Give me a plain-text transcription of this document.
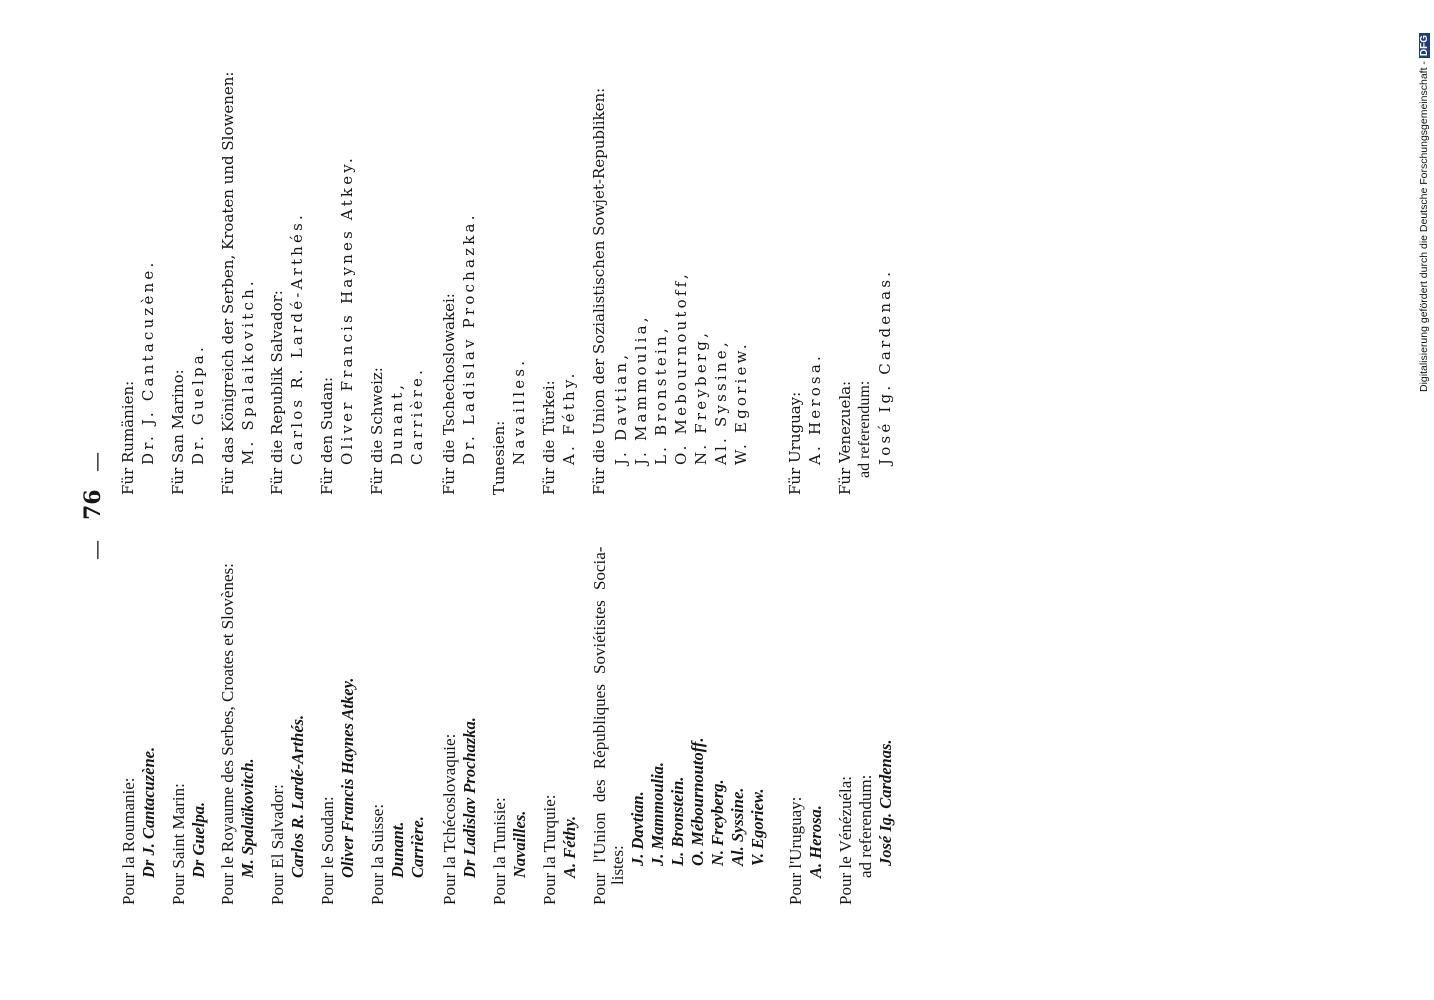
—
76
—
Pour la Roumanie: Dr J. Cantacuzène. Pour Saint Marin: Dr Guelpa. Pour le Royaume des Serbes, Croates et Slovènes: M. Spalaïkovitch. Pour El Salvador: Carlos R. Lardé-Arthés. Pour le Soudan: Oliver Francis Haynes Atkey. Pour la Suisse: Dunant. Carrière. Pour la Tchécoslovaquie: Dr Ladislav Prochazka. Pour la Tunisie: Navailles. Pour la Turquie: A. Féthy. Pour l'Union des Républiques Soviétistes Socia- listes: J. Davtian. J. Mammoulia. L. Bronstein. O. Mébournoutoff. N. Freyberg. Al. Syssine. V. Egoriew. Pour l'Uruguay: A. Herosa. Pour le Vénézuéla: ad referendum: José Ig. Cardenas.
Für Rumänien: Dr. J. Cantacuzène. Für San Marino: Dr. Guelpa. Für das Königreich der Serben, Kroaten und Slowenen: M. Spalaikovitch. Für die Republik Salvador: Carlos R. Lardé-Arthés. Für den Sudan: Oliver Francis Haynes Atkey. Für die Schweiz: Dunant, Carrière. Für die Tschechoslowakei: Dr. Ladislav Prochazka. Tunesien: Navailles. Für die Türkei: A. Féthy. Für die Union der Sozialistischen Sowjet-Republiken: J. Davtian, J. Mammoulia, L. Bronstein, O. Mebournoutoff, N. Freyberg, Al. Syssine, W. Egoriew. Für Uruguay: A. Herosa. Für Venezuela: ad referendum: José Ig. Cardenas.	Digitalisierung gefördert durch die Deutsche Forschungsgemeinschaft -DFG
